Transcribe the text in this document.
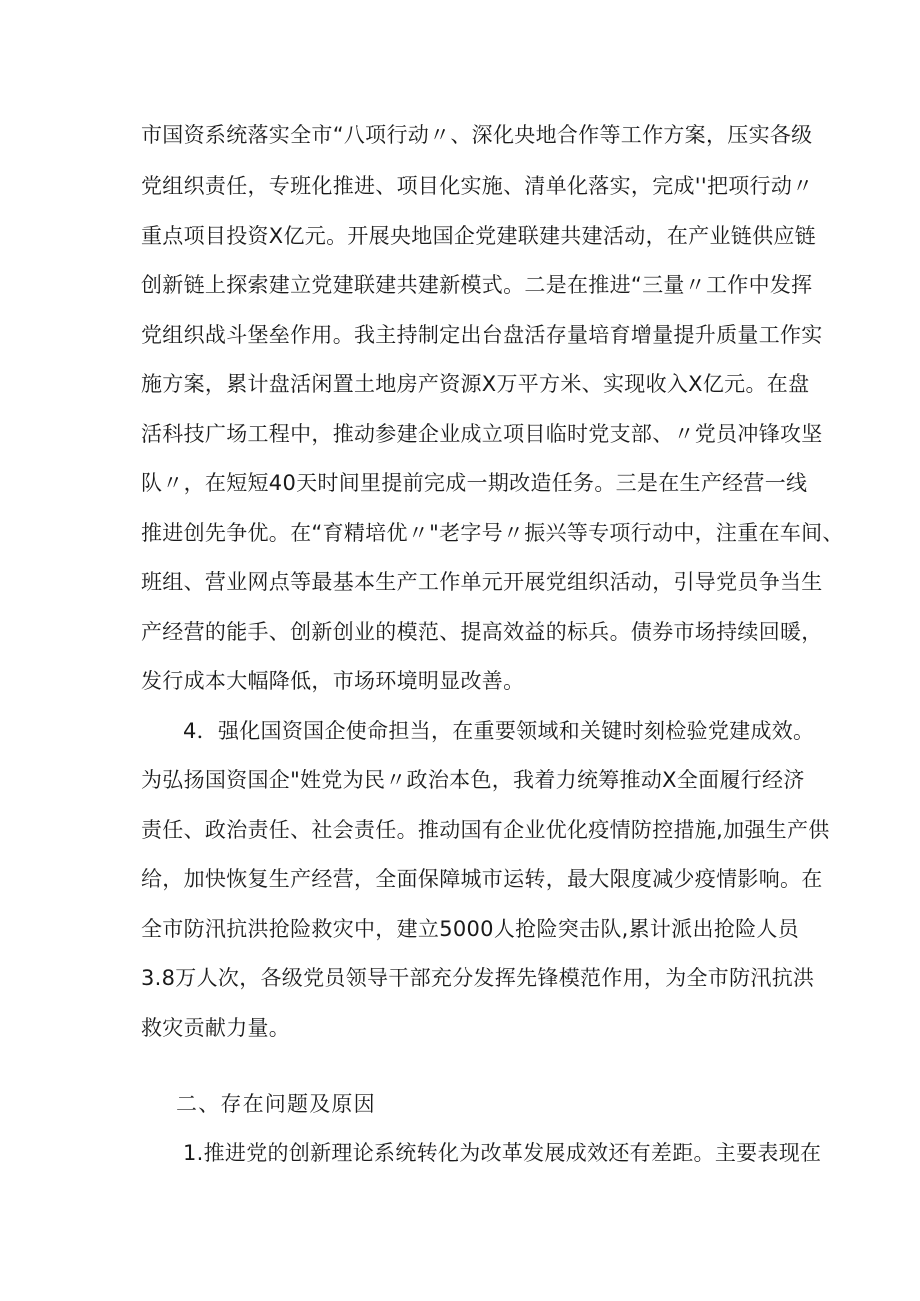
市国资系统落实全市“八项行动〃、深化央地合作等工作方案，压实各级
党组织责任，专班化推进、项目化实施、清单化落实，完成''把项行动〃
重点项目投资X亿元。开展央地国企党建联建共建活动，在产业链供应链
创新链上探索建立党建联建共建新模式。二是在推进“三量〃工作中发挥
党组织战斗堡垒作用。我主持制定出台盘活存量培育增量提升质量工作实
施方案，累计盘活闲置土地房产资源X万平方米、实现收入X亿元。在盘
活科技广场工程中，推动参建企业成立项目临时党支部、〃党员冲锋攻坚
队〃，在短短40天时间里提前完成一期改造任务。三是在生产经营一线
推进创先争优。在“育精培优〃"老字号〃振兴等专项行动中，注重在车间、
班组、营业网点等最基本生产工作单元开展党组织活动，引导党员争当生
产经营的能手、创新创业的模范、提高效益的标兵。债券市场持续回暖，
发行成本大幅降低，市场环境明显改善。
4．强化国资国企使命担当，在重要领域和关键时刻检验党建成效。
为弘扬国资国企"姓党为民〃政治本色，我着力统筹推动X全面履行经济
责任、政治责任、社会责任。推动国有企业优化疫情防控措施,加强生产供
给，加快恢复生产经营，全面保障城市运转，最大限度减少疫情影响。在
全市防汛抗洪抢险救灾中，建立5000人抢险突击队,累计派出抢险人员
3.8万人次，各级党员领导干部充分发挥先锋模范作用，为全市防汛抗洪
救灾贡献力量。
二、存在问题及原因
1.推进党的创新理论系统转化为改革发展成效还有差距。主要表现在
